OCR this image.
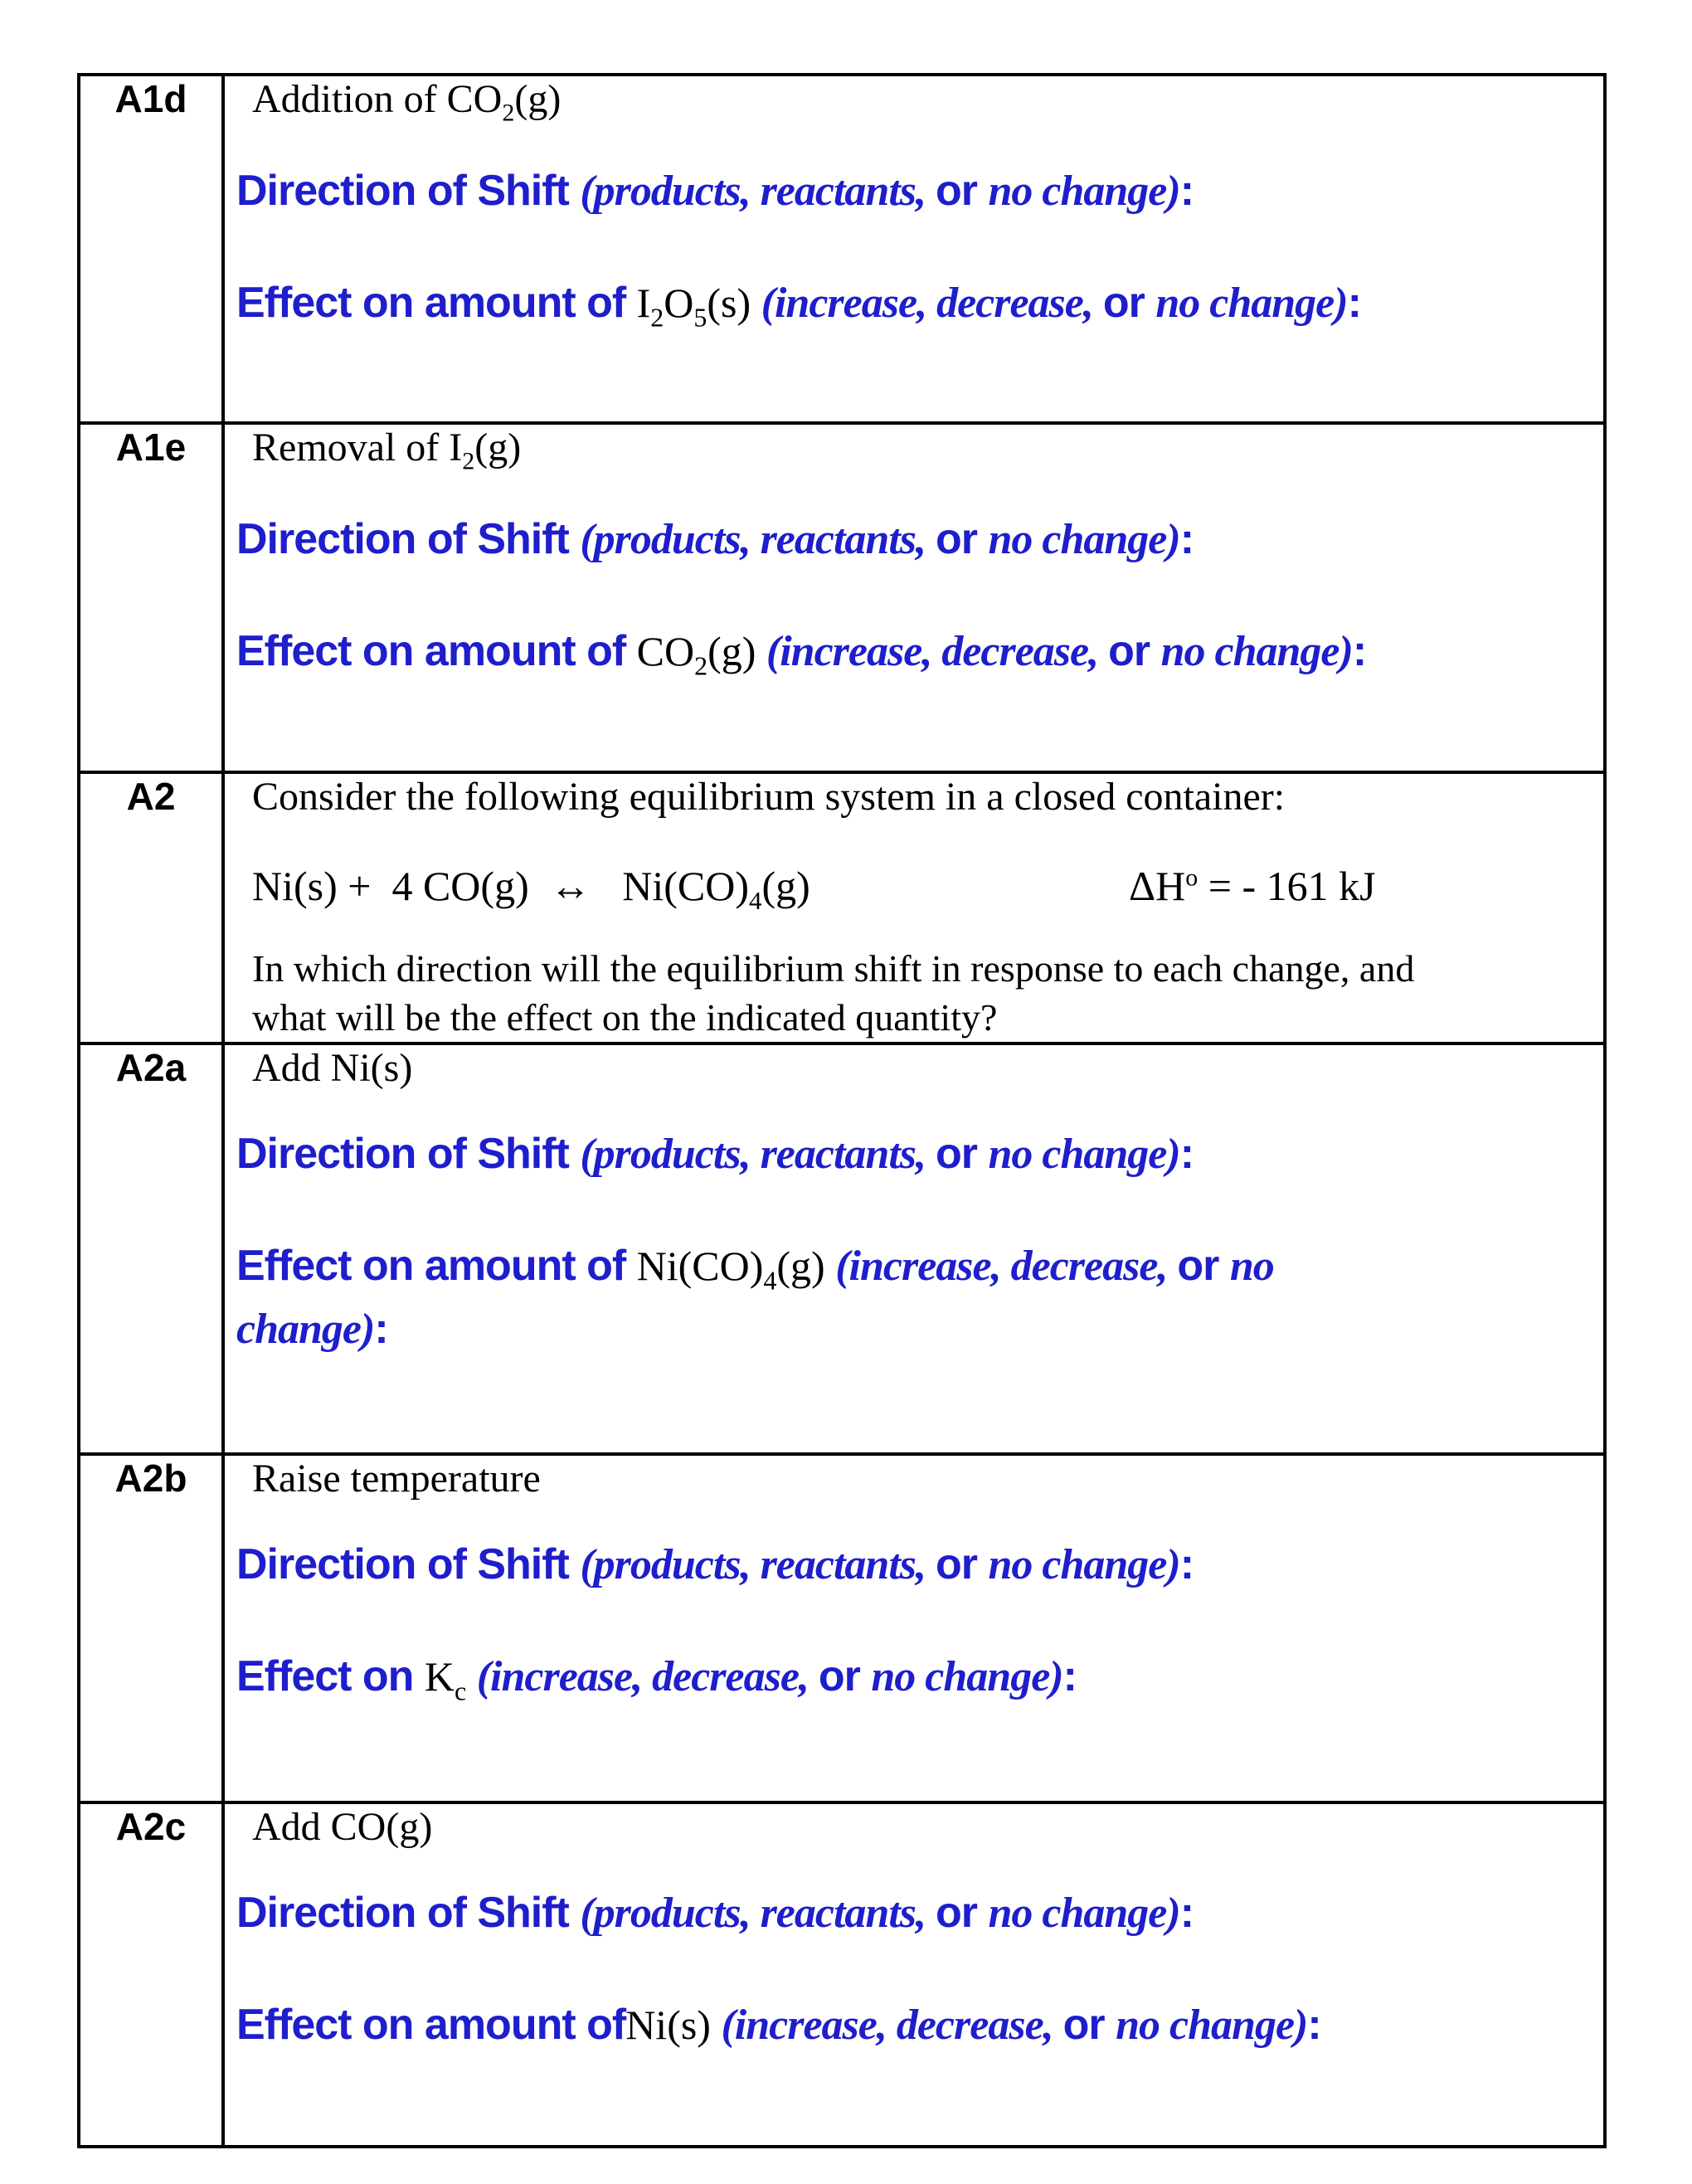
A1d	Addition of $CO_2(g)$
Direction of Shift (products, reactants, or no change):
Effect on amount of $I_2O_5(s)$ (increase, decrease, or no change):

A1e	Removal of $I_2(g)$
Direction of Shift (products, reactants, or no change):
Effect on amount of $CO_2(g)$ (increase, decrease, or no change):

A2	Consider the following equilibrium system in a closed container:
Ni(s) +  4 CO(g)  ↔   $Ni(CO)_4(g) \Delta H^o$ = - 161 kJ
In which direction will the equilibrium shift in response to each change, and
what will be the effect on the indicated quantity?

A2a	Add Ni(s)
Direction of Shift (products, reactants, or no change):
Effect on amount of $Ni(CO)_4(g)$ (increase, decrease, or no
change):

A2b	Raise temperature
Direction of Shift (products, reactants, or no change):
Effect on $K_c$ (increase, decrease, or no change):

A2c	Add CO(g)
Direction of Shift (products, reactants, or no change):
Effect on amount ofNi(s) (increase, decrease, or no change):
